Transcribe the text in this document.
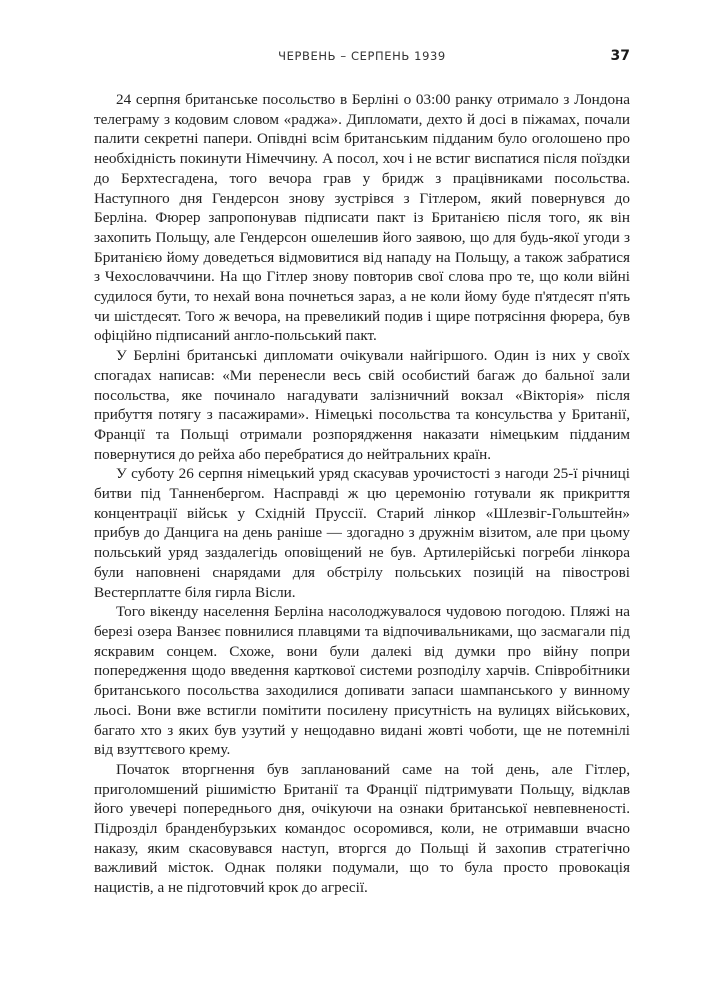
ЧЕРВЕНЬ – СЕРПЕНЬ 1939	37

24 серпня британське посольство в Берліні о 03:00 ранку отримало з Лондона телеграму з кодовим словом «раджа». Дипломати, дехто й досі в піжамах, почали палити секретні папери. Опівдні всім британським підданим було оголошено про необхідність покинути Німеччину. А посол, хоч і не встиг виспатися після поїздки до Берхтесгадена, того вечора грав у бридж з працівниками посольства. Наступного дня Гендерсон знову зустрівся з Гітлером, який повернувся до Берліна. Фюрер запропонував підписати пакт із Британією після того, як він захопить Польщу, але Гендерсон ошелешив його заявою, що для будь-якої угоди з Британією йому доведеться відмовитися від нападу на Польщу, а також забратися з Чехословаччини. На що Гітлер знову повторив свої слова про те, що коли війні судилося бути, то нехай вона почнеться зараз, а не коли йому буде п'ятдесят п'ять чи шістдесят. Того ж вечора, на превеликий подив і щире потрясіння фюрера, був офіційно підписаний англо-польський пакт.

У Берліні британські дипломати очікували найгіршого. Один із них у своїх спогадах написав: «Ми перенесли весь свій особистий багаж до бальної зали посольства, яке починало нагадувати залізничний вокзал «Вікторія» після прибуття потягу з пасажирами». Німецькі посольства та консульства у Британії, Франції та Польщі отримали розпорядження наказати німецьким підданим повернутися до рейха або перебратися до нейтральних країн.

У суботу 26 серпня німецький уряд скасував урочистості з нагоди 25-ї річниці битви під Танненбергом. Насправді ж цю церемонію готували як прикриття концентрації військ у Східній Пруссії. Старий лінкор «Шлезвіг-Гольштейн» прибув до Данцига на день раніше — здогадно з дружнім візитом, але при цьому польський уряд заздалегідь оповіщений не був. Артилерійські погреби лінкора були наповнені снарядами для обстрілу польських позицій на півострові Вестерплатте біля гирла Вісли.

Того вікенду населення Берліна насолоджувалося чудовою погодою. Пляжі на березі озера Ванзеє повнилися плавцями та відпочивальниками, що засмагали під яскравим сонцем. Схоже, вони були далекі від думки про війну попри попередження щодо введення карткової системи розподілу харчів. Співробітники британського посольства заходилися допивати запаси шампанського у винному льосі. Вони вже встигли помітити посилену присутність на вулицях військових, багато хто з яких був узутий у нещодавно видані жовті чоботи, ще не потемнілі від взуттєвого крему.

Початок вторгнення був запланований саме на той день, але Гітлер, приголомшений рішимістю Британії та Франції підтримувати Польщу, відклав його увечері попереднього дня, очікуючи на ознаки британської невпевненості. Підрозділ бранденбурзьких командос осоромився, коли, не отримавши вчасно наказу, яким скасовувався наступ, вторгся до Польщі й захопив стратегічно важливий місток. Однак поляки подумали, що то була просто провокація нацистів, а не підготовчий крок до агресії.
